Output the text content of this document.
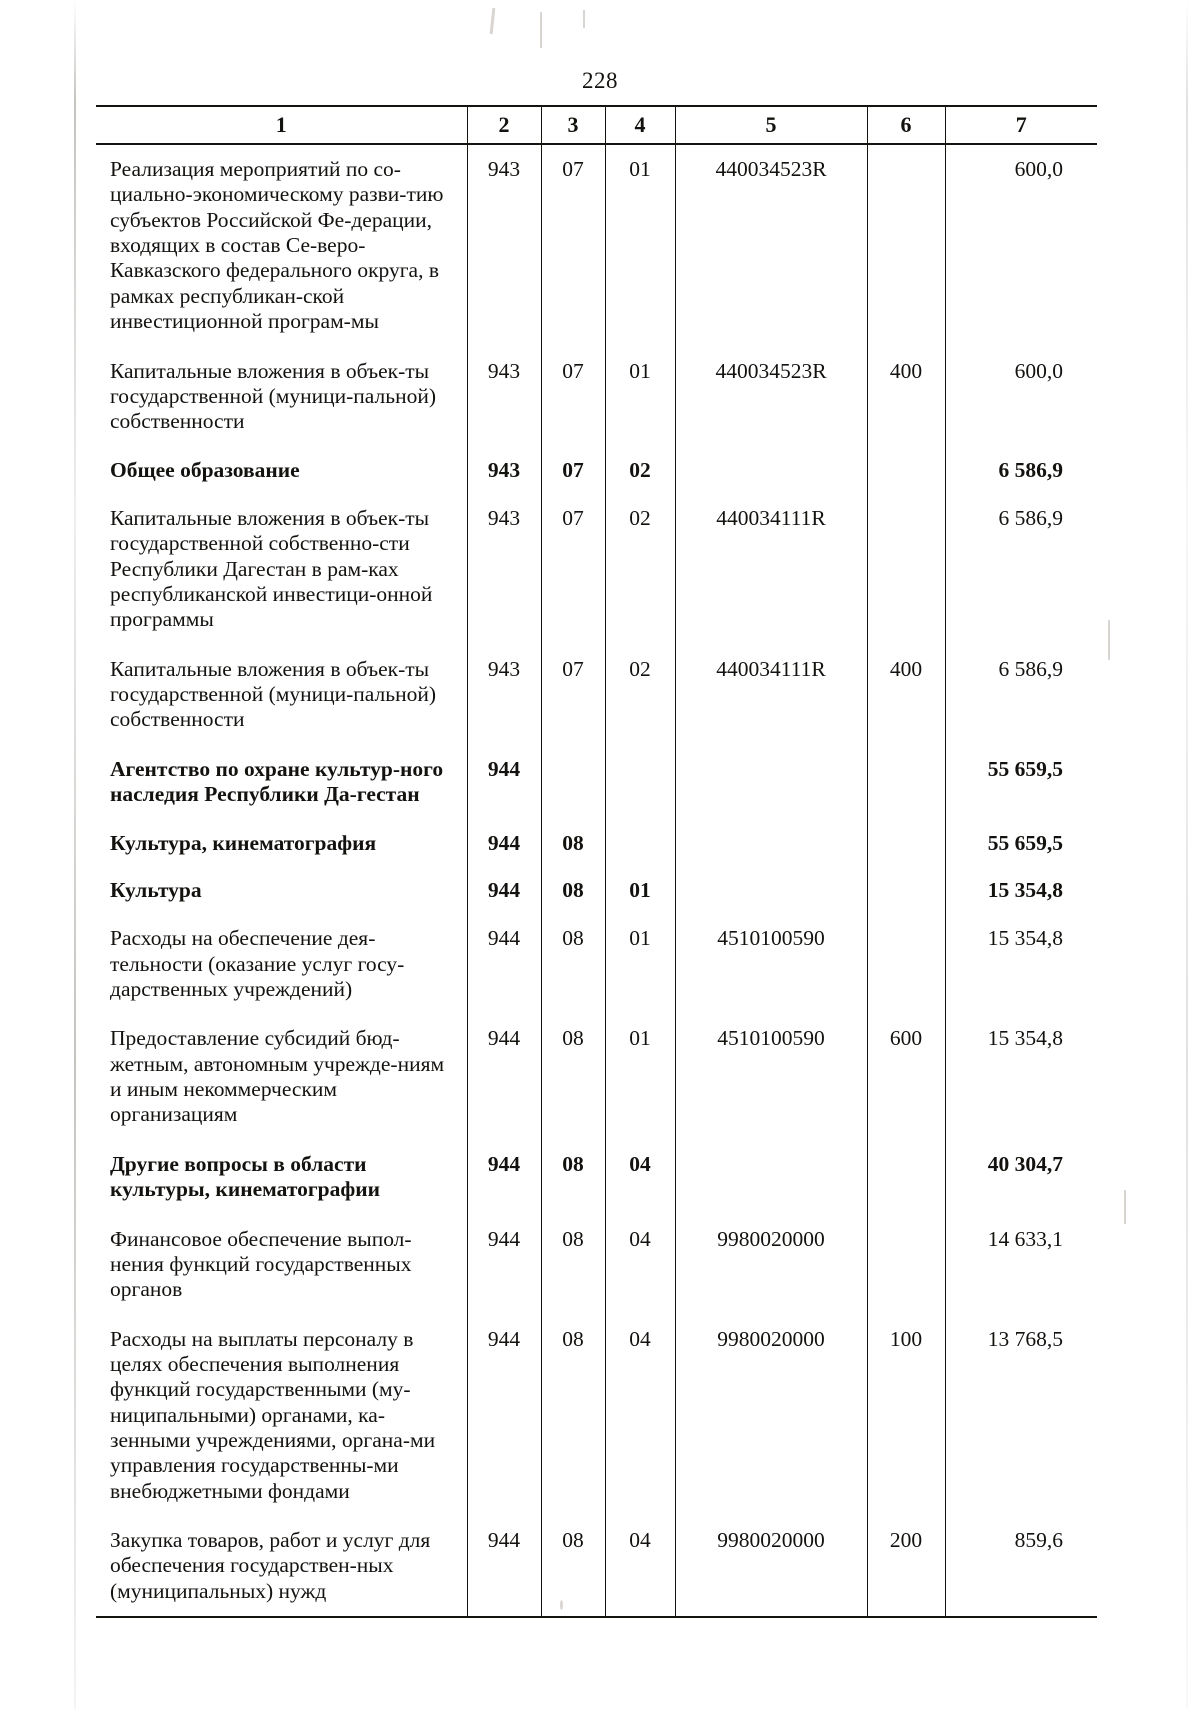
228
1	2	3	4	5	6	7

Реализация мероприятий по со-циально-экономическому разви-тию субъектов Российской Фе-дерации, входящих в состав Се-веро-Кавказского федерального округа, в рамках республикан-ской инвестиционной програм-мы	943	07	01	440034523R		600,0

Капитальные вложения в объек-ты государственной (муници-пальной) собственности	943	07	01	440034523R	400	600,0

Общее образование	943	07	02			6 586,9

Капитальные вложения в объек-ты государственной собственно-сти Республики Дагестан в рам-ках республиканской инвестици-онной программы	943	07	02	440034111R		6 586,9

Капитальные вложения в объек-ты государственной (муници-пальной) собственности	943	07	02	440034111R	400	6 586,9

Агентство по охране культур-ного наследия Республики Да-гестан	944					55 659,5

Культура, кинематография	944	08				55 659,5

Культура	944	08	01			15 354,8

Расходы на обеспечение дея-тельности (оказание услуг госу-дарственных учреждений)	944	08	01	4510100590		15 354,8

Предоставление субсидий бюд-жетным, автономным учрежде-ниям и иным некоммерческим организациям	944	08	01	4510100590	600	15 354,8

Другие вопросы в области культуры, кинематографии	944	08	04			40 304,7

Финансовое обеспечение выпол-нения функций государственных органов	944	08	04	9980020000		14 633,1

Расходы на выплаты персоналу в целях обеспечения выполнения функций государственными (му-ниципальными) органами, ка-зенными учреждениями, органа-ми управления государственны-ми внебюджетными фондами	944	08	04	9980020000	100	13 768,5

Закупка товаров, работ и услуг для обеспечения государствен-ных (муниципальных) нужд	944	08	04	9980020000	200	859,6
